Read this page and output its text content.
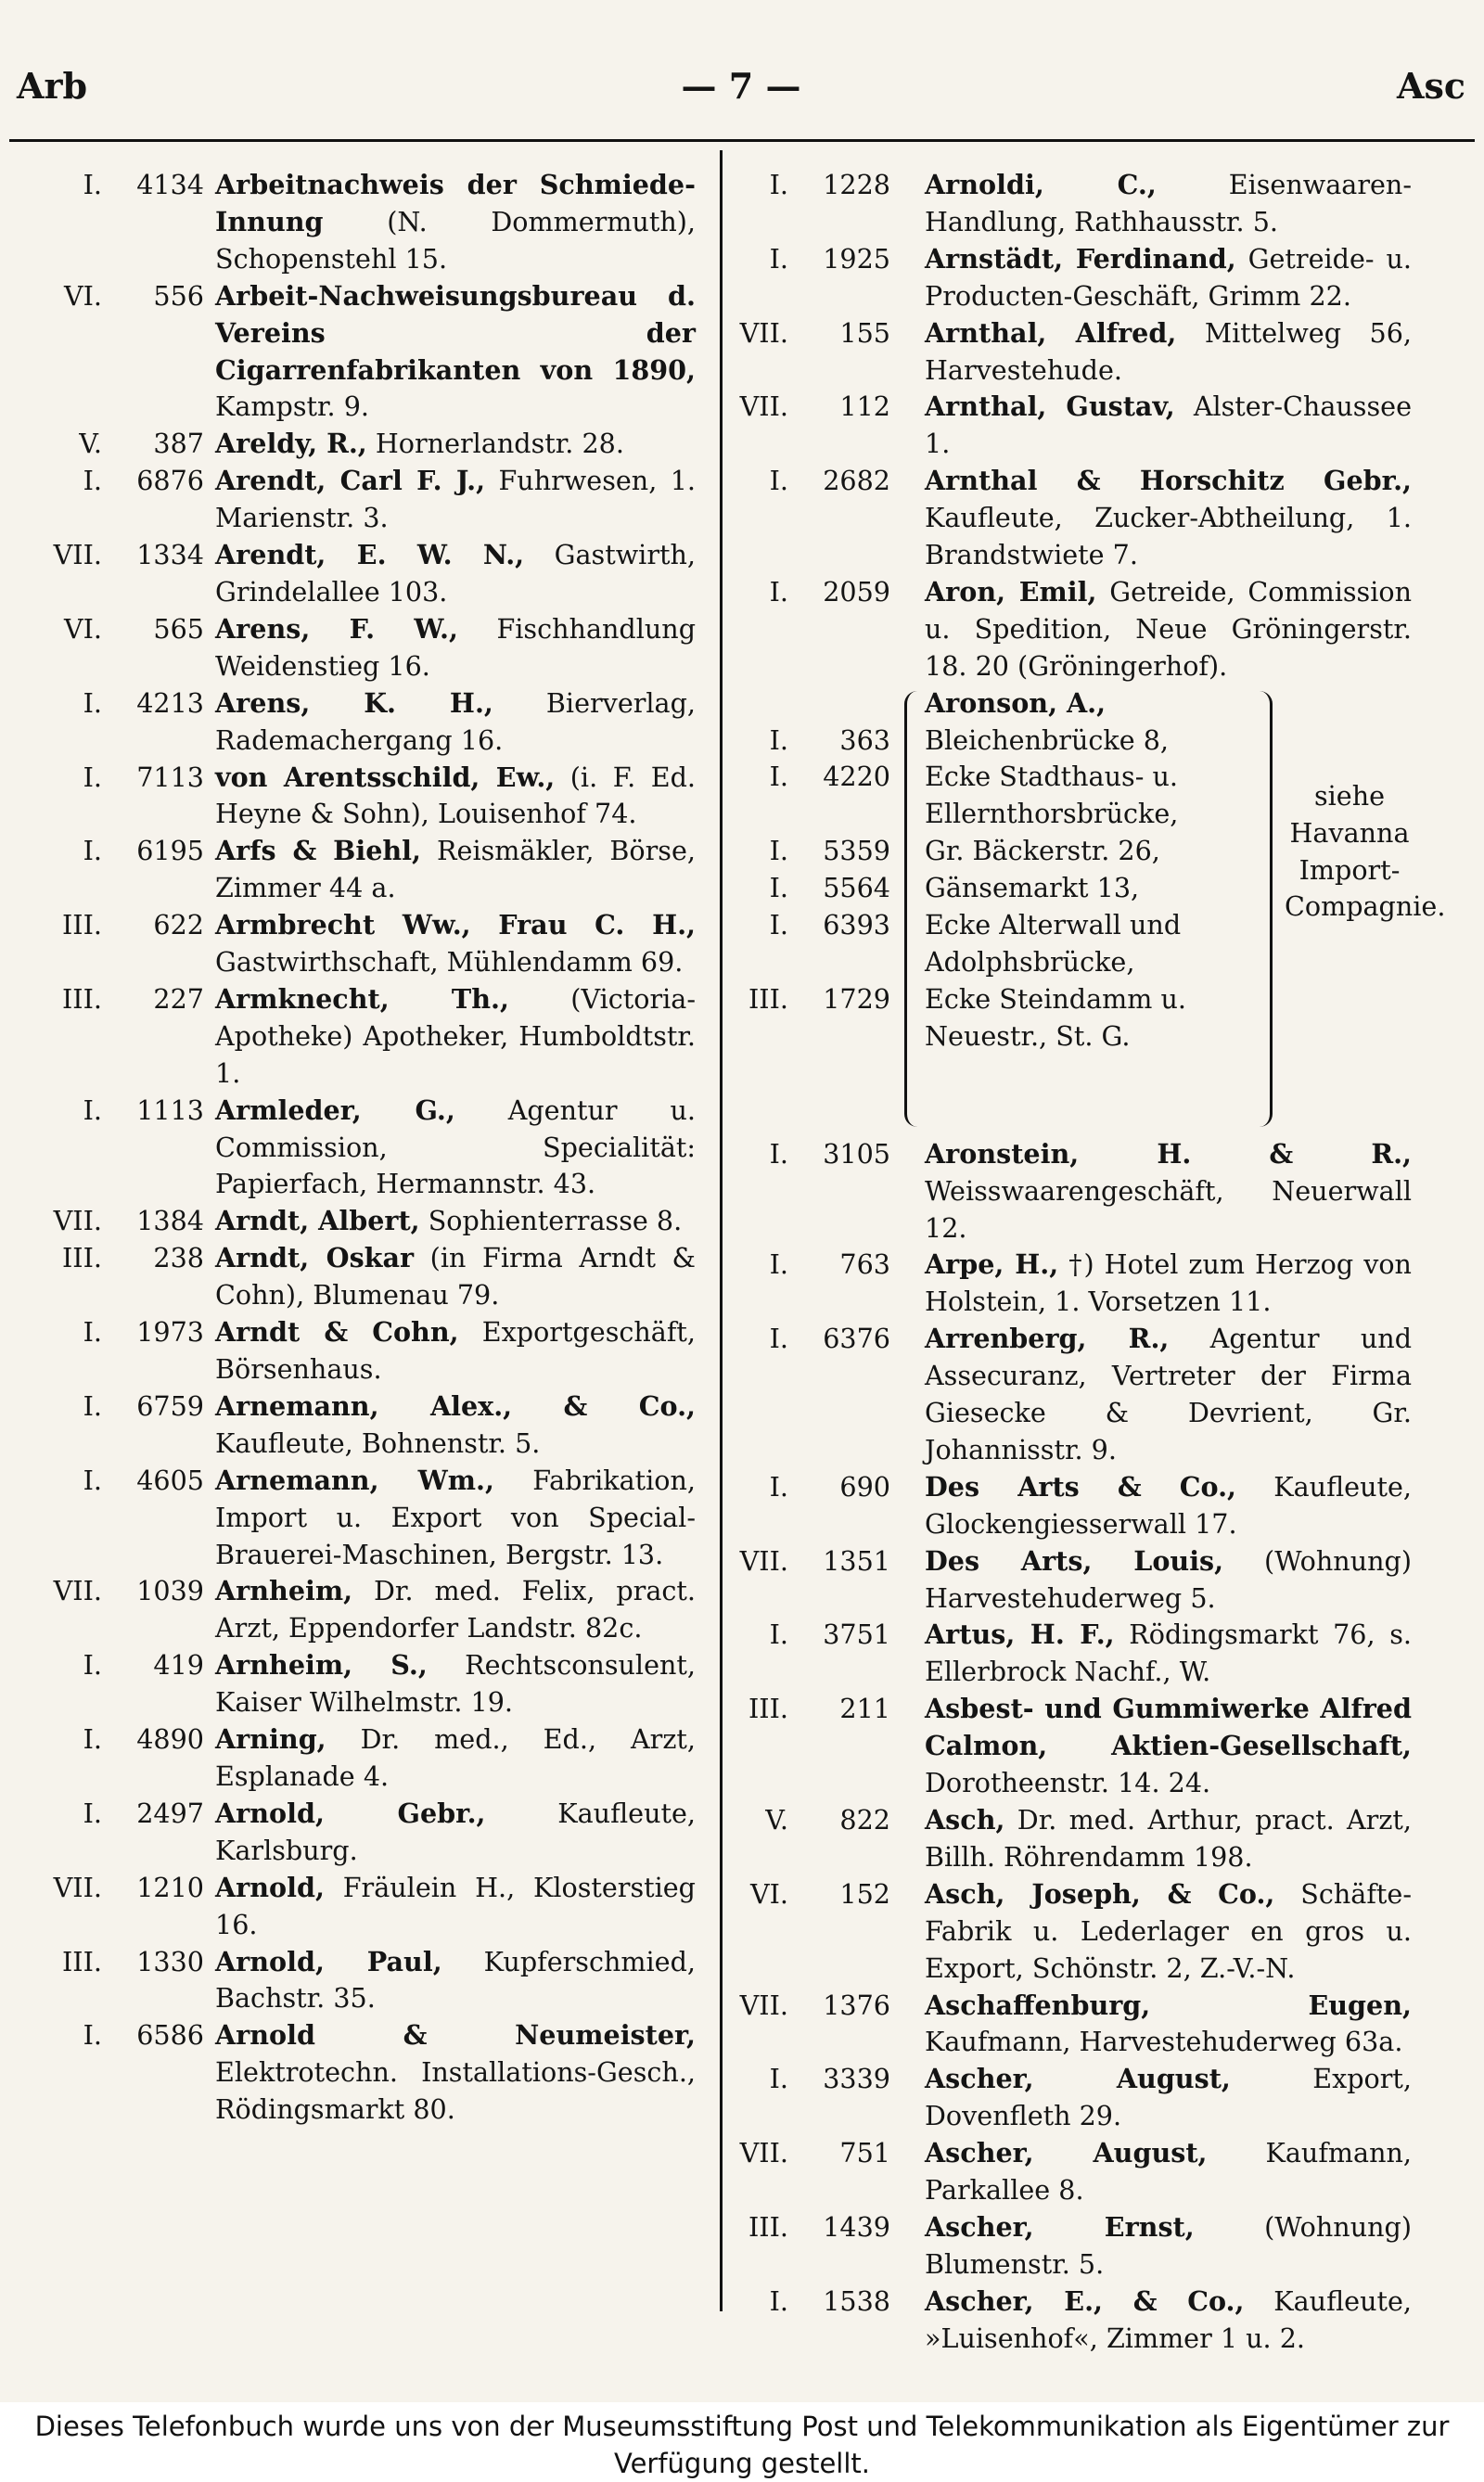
Arb	— 7 —	Asc
I. 4134 Arbeitnachweis der Schmiede-Innung (N. Dommermuth), Schopenstehl 15.
VI. 556 Arbeit-Nachweisungsbureau d. Vereins der Cigarrenfabrikanten von 1890, Kampstr. 9.
V. 387 Areldy, R., Hornerlandstr. 28.
I. 6876 Arendt, Carl F. J., Fuhrwesen, 1. Marienstr. 3.
VII. 1334 Arendt, E. W. N., Gastwirth, Grindelallee 103.
VI. 565 Arens, F. W., Fischhandlung Weidenstieg 16.
I. 4213 Arens, K. H., Bierverlag, Rademachergang 16.
I. 7113 von Arentsschild, Ew., (i. F. Ed. Heyne & Sohn), Louisenhof 74.
I. 6195 Arfs & Biehl, Reismäkler, Börse, Zimmer 44 a.
III. 622 Armbrecht Ww., Frau C. H., Gastwirthschaft, Mühlendamm 69.
III. 227 Armknecht, Th., (Victoria-Apotheke) Apotheker, Humboldtstr. 1.
I. 1113 Armleder, G., Agentur u. Commission, Specialität: Papierfach, Hermannstr. 43.
VII. 1384 Arndt, Albert, Sophienterrasse 8.
III. 238 Arndt, Oskar (in Firma Arndt & Cohn), Blumenau 79.
I. 1973 Arndt & Cohn, Exportgeschäft, Börsenhaus.
I. 6759 Arnemann, Alex., & Co., Kaufleute, Bohnenstr. 5.
I. 4605 Arnemann, Wm., Fabrikation, Import u. Export von Special-Brauerei-Maschinen, Bergstr. 13.
VII. 1039 Arnheim, Dr. med. Felix, pract. Arzt, Eppendorfer Landstr. 82c.
I. 419 Arnheim, S., Rechtsconsulent, Kaiser Wilhelmstr. 19.
I. 4890 Arning, Dr. med., Ed., Arzt, Esplanade 4.
I. 2497 Arnold, Gebr., Kaufleute, Karlsburg.
VII. 1210 Arnold, Fräulein H., Klosterstieg 16.
III. 1330 Arnold, Paul, Kupferschmied, Bachstr. 35.
I. 6586 Arnold & Neumeister, Elektrotechn. Installations-Gesch., Rödingsmarkt 80.
I. 1228 Arnoldi, C., Eisenwaaren-Handlung, Rathhausstr. 5.
I. 1925 Arnstädt, Ferdinand, Getreide- u. Producten-Geschäft, Grimm 22.
VII. 155 Arnthal, Alfred, Mittelweg 56, Harvestehude.
VII. 112 Arnthal, Gustav, Alster-Chaussee 1.
I. 2682 Arnthal & Horschitz Gebr., Kaufleute, Zucker-Abtheilung, 1. Brandstwiete 7.
I. 2059 Aron, Emil, Getreide, Commission u. Spedition, Neue Gröningerstr. 18. 20 (Gröningerhof).
siehe Havanna Import-Compagnie.
I. 363
I. 4220
I. 5359
I. 5564
I. 6393
III. 1729
Aronson, A., Bleichenbrücke 8,
Ecke Stadthaus- u. Ellernthorsbrücke,
Gr. Bäckerstr. 26,
Gänsemarkt 13,
Ecke Alterwall und Adolphsbrücke,
Ecke Steindamm u. Neuestr., St. G.
I. 3105 Aronstein, H. & R., Weisswaarengeschäft, Neuerwall 12.
I. 763 Arpe, H., †) Hotel zum Herzog von Holstein, 1. Vorsetzen 11.
I. 6376 Arrenberg, R., Agentur und Assecuranz, Vertreter der Firma Giesecke & Devrient, Gr. Johannisstr. 9.
I. 690 Des Arts & Co., Kaufleute, Glockengiesserwall 17.
VII. 1351 Des Arts, Louis, (Wohnung) Harvestehuderweg 5.
I. 3751 Artus, H. F., Rödingsmarkt 76, s. Ellerbrock Nachf., W.
III. 211 Asbest- und Gummiwerke Alfred Calmon, Aktien-Gesellschaft, Dorotheenstr. 14. 24.
V. 822 Asch, Dr. med. Arthur, pract. Arzt, Billh. Röhrendamm 198.
VI. 152 Asch, Joseph, & Co., Schäfte-Fabrik u. Lederlager en gros u. Export, Schönstr. 2, Z.-V.-N.
VII. 1376 Aschaffenburg, Eugen, Kaufmann, Harvestehuderweg 63a.
I. 3339 Ascher, August, Export, Dovenfleth 29.
VII. 751 Ascher, August, Kaufmann, Parkallee 8.
III. 1439 Ascher, Ernst, (Wohnung) Blumenstr. 5.
I. 1538 Ascher, E., & Co., Kaufleute, »Luisenhof«, Zimmer 1 u. 2.
Dieses Telefonbuch wurde uns von der Museumsstiftung Post und Telekommunikation als Eigentümer zur Verfügung gestellt.
